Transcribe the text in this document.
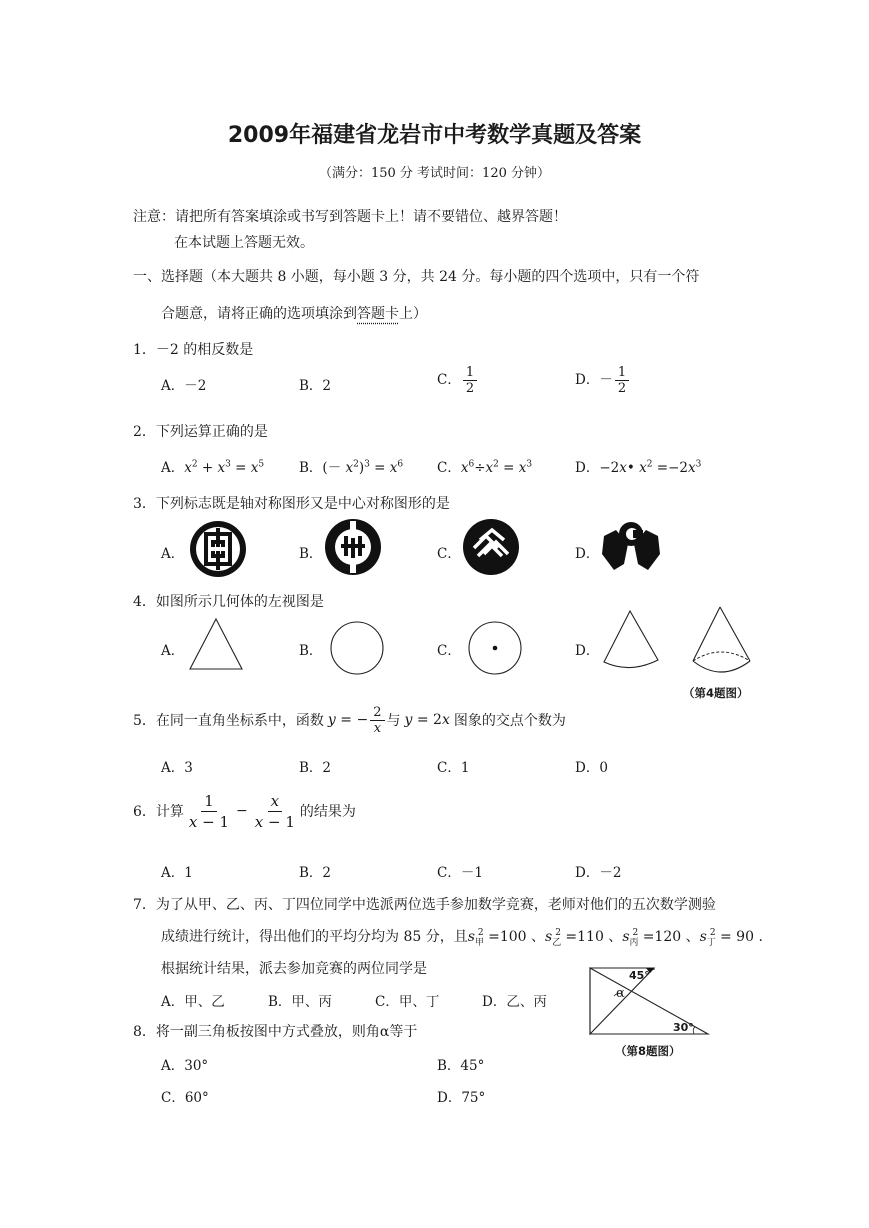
2009年福建省龙岩市中考数学真题及答案
（满分：150 分 考试时间：120 分钟）
注意：请把所有答案填涂或书写到答题卡上！请不要错位、越界答题！
在本试题上答题无效。
一、选择题（本大题共 8 小题，每小题 3 分，共 24 分。每小题的四个选项中，只有一个符
合题意，请将正确的选项填涂到答题卡上）
1．－2 的相反数是
A．－2	B．2	C． $\frac{1}{2}$	D．－ $\frac{1}{2}$
2．下列运算正确的是
A．$x^2 + x^3 = x^5$	B．(－ $x^2)^3 = x^6$	C．$x^6\div x^2 = x^3$	D．−2x• $x^2 =-2x^3$
3．下列标志既是轴对称图形又是中心对称图形的是
A．	B．	C．	D．
4．如图所示几何体的左视图是
A．	B．	C．	D．
（第4题图）
5．在同一直角坐标系中，函数 y = − $\frac{2}{x}$ 与 y = 2x 图象的交点个数为
A．3	B．2	C．1	D．0
6．计算 $\frac{1}{x - 1} - \frac{x}{x - 1}$ 的结果为
A．1	B．2	C．－1	D．－2
7．为了从甲、乙、丙、丁四位同学中选派两位选手参加数学竞赛，老师对他们的五次数学测验
成绩进行统计，得出他们的平均分均为 85 分，且$s_甲^2 =100$ 、$s_乙^2 =110$ 、$s_丙^2 =120$ 、$s_丁^2 = 90$ .
根据统计结果，派去参加竞赛的两位同学是
A．甲、乙	B．甲、丙	C．甲、丁	D．乙、丙
45°
α
30°
（第8题图）
8．将一副三角板按图中方式叠放，则角α等于
A．30°	B．45°
C．60°	D．75°
